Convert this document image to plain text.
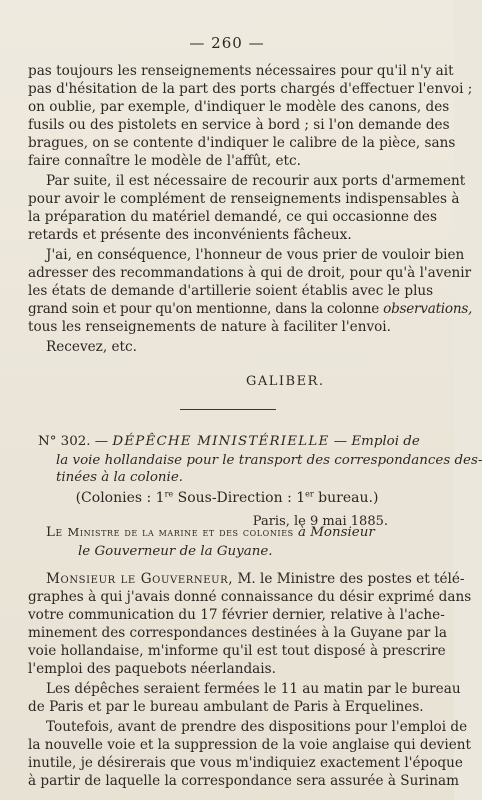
— 260 —
pas toujours les renseignements nécessaires pour qu'il n'y ait
pas d'hésitation de la part des ports chargés d'effectuer l'envoi ;
on oublie, par exemple, d'indiquer le modèle des canons, des
fusils ou des pistolets en service à bord ; si l'on demande des
bragues, on se contente d'indiquer le calibre de la pièce, sans
faire connaître le modèle de l'affût, etc.
Par suite, il est nécessaire de recourir aux ports d'armement
pour avoir le complément de renseignements indispensables à
la préparation du matériel demandé, ce qui occasionne des
retards et présente des inconvénients fâcheux.
J'ai, en conséquence, l'honneur de vous prier de vouloir bien
adresser des recommandations à qui de droit, pour qu'à l'avenir
les états de demande d'artillerie soient établis avec le plus
grand soin et pour qu'on mentionne, dans la colonne observations,
tous les renseignements de nature à faciliter l'envoi.
Recevez, etc.
GALIBER.
N° 302. — DÉPÊCHE MINISTÉRIELLE — Emploi de
la voie hollandaise pour le transport des correspondances des-
(Colonies : 1re Sous-Direction : 1er bureau.)
Paris, le 9 mai 1885.
Le Ministre de la marine et des colonies à Monsieur
le Gouverneur de la Guyane.
Monsieur le Gouverneur, M. le Ministre des postes et télé-
graphes à qui j'avais donné connaissance du désir exprimé dans
votre communication du 17 février dernier, relative à l'ache-
minement des correspondances destinées à la Guyane par la
voie hollandaise, m'informe qu'il est tout disposé à prescrire
l'emploi des paquebots néerlandais.
Les dépêches seraient fermées le 11 au matin par le bureau
de Paris et par le bureau ambulant de Paris à Erquelines.
Toutefois, avant de prendre des dispositions pour l'emploi de
la nouvelle voie et la suppression de la voie anglaise qui devient
inutile, je désirerais que vous m'indiquiez exactement l'époque
à partir de laquelle la correspondance sera assurée à Surinam
tinées à la colonie.
